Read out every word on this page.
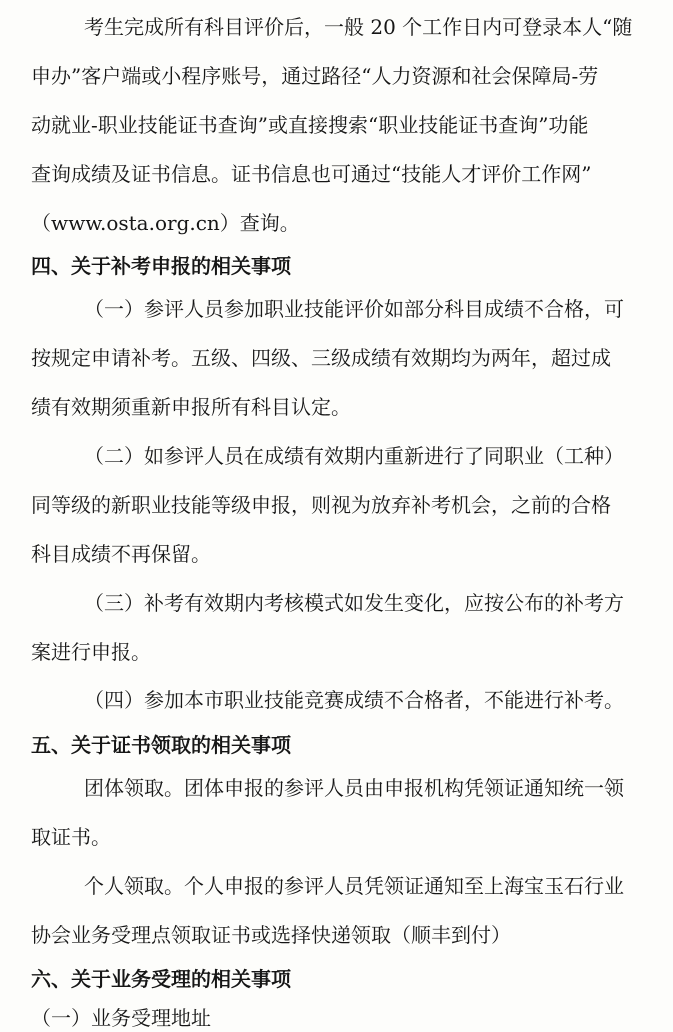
考生完成所有科目评价后，一般 20 个工作日内可登录本人“随

申办”客户端或小程序账号，通过路径“人力资源和社会保障局-劳

动就业-职业技能证书查询”或直接搜索“职业技能证书查询”功能

查询成绩及证书信息。证书信息也可通过“技能人才评价工作网”

（www.osta.org.cn）查询。

四、关于补考申报的相关事项

（一）参评人员参加职业技能评价如部分科目成绩不合格，可

按规定申请补考。五级、四级、三级成绩有效期均为两年，超过成

绩有效期须重新申报所有科目认定。

（二）如参评人员在成绩有效期内重新进行了同职业（工种）

同等级的新职业技能等级申报，则视为放弃补考机会，之前的合格

科目成绩不再保留。

（三）补考有效期内考核模式如发生变化，应按公布的补考方

案进行申报。

（四）参加本市职业技能竞赛成绩不合格者，不能进行补考。

五、关于证书领取的相关事项

团体领取。团体申报的参评人员由申报机构凭领证通知统一领

取证书。

个人领取。个人申报的参评人员凭领证通知至上海宝玉石行业

协会业务受理点领取证书或选择快递领取（顺丰到付）

六、关于业务受理的相关事项

（一）业务受理地址
